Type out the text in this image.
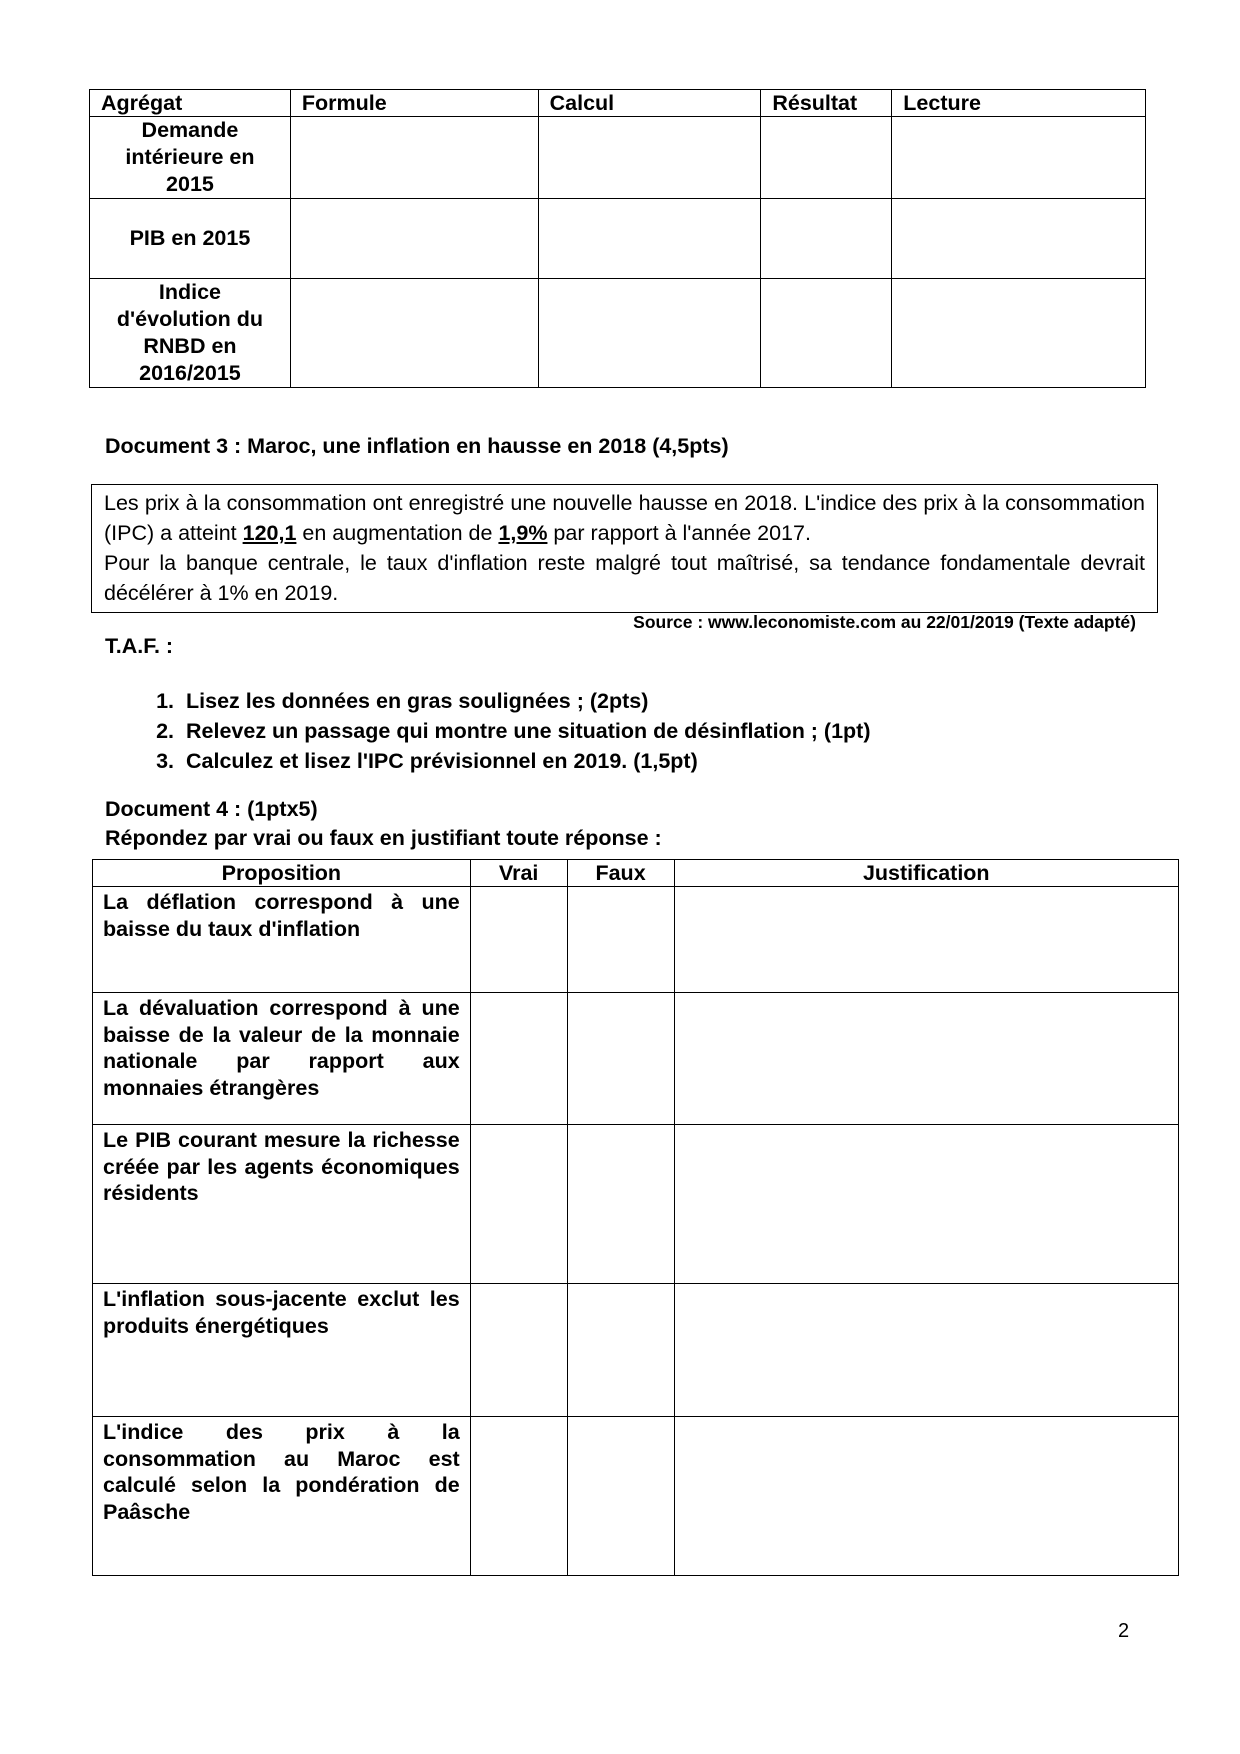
Agrégat	Formule	Calcul	Résultat	Lecture

Demande intérieure en 2015				

PIB en 2015				

Indice d'évolution du RNBD en 2016/2015				

Document 3 : Maroc, une inflation en hausse en 2018 (4,5pts)

Les prix à la consommation ont enregistré une nouvelle hausse en 2018. L'indice des prix à la consommation (IPC) a atteint 120,1 en augmentation de 1,9% par rapport à l'année 2017.

Pour la banque centrale, le taux d'inflation reste malgré tout maîtrisé, sa tendance fondamentale devrait décélérer à 1% en 2019.

Source : www.leconomiste.com au 22/01/2019 (Texte adapté)
T.A.F. :
1. Lisez les données en gras soulignées ; (2pts)
2. Relevez un passage qui montre une situation de désinflation ; (1pt)
3. Calculez et lisez l'IPC prévisionnel en 2019. (1,5pt)
Document 4 : (1ptx5)
Répondez par vrai ou faux en justifiant toute réponse :
Proposition	Vrai	Faux	Justification
La déflation correspond à une baisse du taux d'inflation			
La dévaluation correspond à une baisse de la valeur de la monnaie nationale par rapport aux monnaies étrangères			
Le PIB courant mesure la richesse créée par les agents économiques résidents			
L'inflation sous-jacente exclut les produits énergétiques			
L'indice des prix à la consommation au Maroc est calculé selon la pondération de Paâsche			
2
